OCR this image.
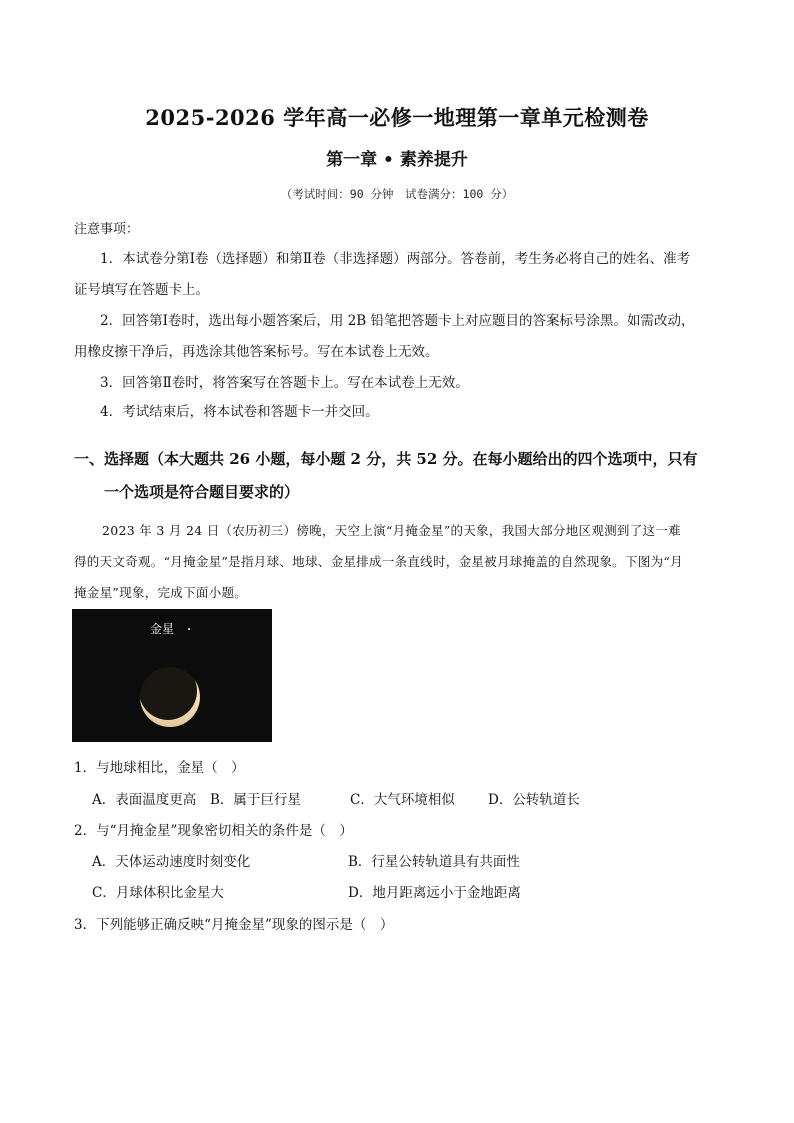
2025-2026 学年高一必修一地理第一章单元检测卷
第一章 • 素养提升
（考试时间：90 分钟　试卷满分：100 分）
注意事项：
1．本试卷分第Ⅰ卷（选择题）和第Ⅱ卷（非选择题）两部分。答卷前，考生务必将自己的姓名、准考
证号填写在答题卡上。
2．回答第Ⅰ卷时，选出每小题答案后，用 2B 铅笔把答题卡上对应题目的答案标号涂黑。如需改动，
用橡皮擦干净后，再选涂其他答案标号。写在本试卷上无效。
3．回答第Ⅱ卷时，将答案写在答题卡上。写在本试卷上无效。
4．考试结束后，将本试卷和答题卡一并交回。
一、选择题（本大题共 26 小题，每小题 2 分，共 52 分。在每小题给出的四个选项中，只有
一个选项是符合题目要求的）
2023 年 3 月 24 日（农历初三）傍晚，天空上演“月掩金星”的天象，我国大部分地区观测到了这一难
得的天文奇观。“月掩金星”是指月球、地球、金星排成一条直线时，金星被月球掩盖的自然现象。下图为“月
掩金星”现象，完成下面小题。
1．与地球相比，金星（　）
A．表面温度更高 B．属于巨行星	C．大气环境相似 D．公转轨道长
2．与“月掩金星”现象密切相关的条件是（　）
A．天体运动速度时刻变化	B．行星公转轨道具有共面性
C．月球体积比金星大	D．地月距离远小于金地距离
3．下列能够正确反映“月掩金星”现象的图示是（　）
